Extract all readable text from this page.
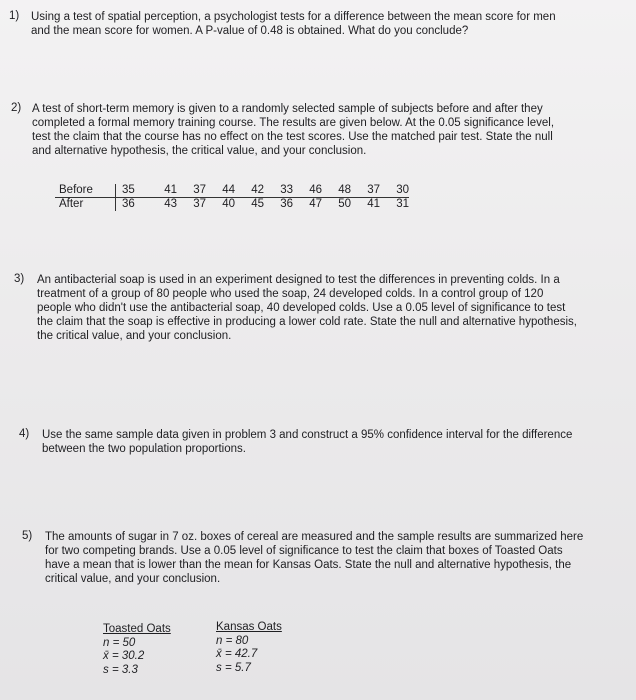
1) Using a test of spatial perception, a psychologist tests for a difference between the mean score for men
and the mean score for women. A P-value of 0.48 is obtained. What do you conclude?
2) A test of short-term memory is given to a randomly selected sample of subjects before and after they
completed a formal memory training course. The results are given below. At the 0.05 significance level,
test the claim that the course has no effect on the test scores. Use the matched pair test. State the null
and alternative hypothesis, the critical value, and your conclusion.
Before	35	41	37	44	42	33	46	48	37	30
After	36	43	37	40	45	36	47	50	41	31
3) An antibacterial soap is used in an experiment designed to test the differences in preventing colds. In a
treatment of a group of 80 people who used the soap, 24 developed colds. In a control group of 120
people who didn't use the antibacterial soap, 40 developed colds. Use a 0.05 level of significance to test
the claim that the soap is effective in producing a lower cold rate. State the null and alternative hypothesis,
the critical value, and your conclusion.
4) Use the same sample data given in problem 3 and construct a 95% confidence interval for the difference
between the two population proportions.
5) The amounts of sugar in 7 oz. boxes of cereal are measured and the sample results are summarized here
for two competing brands. Use a 0.05 level of significance to test the claim that boxes of Toasted Oats
have a mean that is lower than the mean for Kansas Oats. State the null and alternative hypothesis, the
critical value, and your conclusion.
Toasted Oats
n = 50
x̄ = 30.2
s = 3.3
Kansas Oats
n = 80
x̄ = 42.7
s = 5.7
